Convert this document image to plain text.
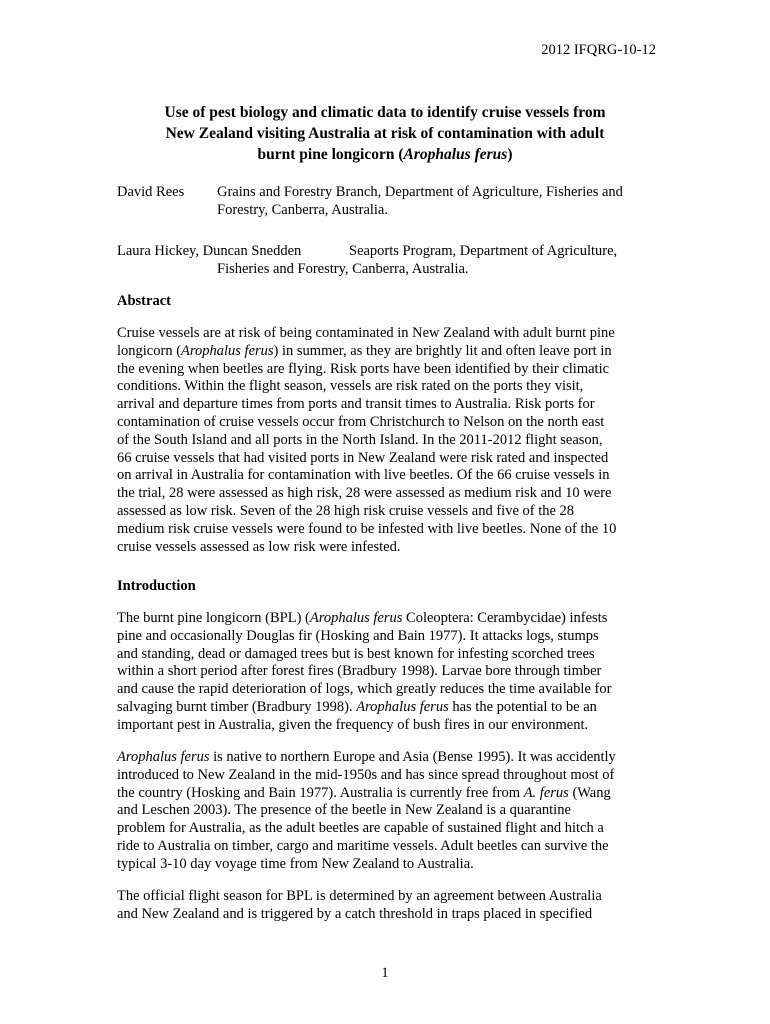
2012 IFQRG-10-12
Use of pest biology and climatic data to identify cruise vessels from
New Zealand visiting Australia at risk of contamination with adult
burnt pine longicorn (Arophalus ferus)
David Rees Grains and Forestry Branch, Department of Agriculture, Fisheries and
Forestry, Canberra, Australia.
Laura Hickey, Duncan Snedden	Seaports Program, Department of Agriculture,
Fisheries and Forestry, Canberra, Australia.
Abstract

Cruise vessels are at risk of being contaminated in New Zealand with adult burnt pine
longicorn (Arophalus ferus) in summer, as they are brightly lit and often leave port in
the evening when beetles are flying. Risk ports have been identified by their climatic
conditions. Within the flight season, vessels are risk rated on the ports they visit,
arrival and departure times from ports and transit times to Australia. Risk ports for
contamination of cruise vessels occur from Christchurch to Nelson on the north east
of the South Island and all ports in the North Island. In the 2011-2012 flight season,
66 cruise vessels that had visited ports in New Zealand were risk rated and inspected
on arrival in Australia for contamination with live beetles. Of the 66 cruise vessels in
the trial, 28 were assessed as high risk, 28 were assessed as medium risk and 10 were
assessed as low risk. Seven of the 28 high risk cruise vessels and five of the 28
medium risk cruise vessels were found to be infested with live beetles. None of the 10
cruise vessels assessed as low risk were infested.

Introduction

The burnt pine longicorn (BPL) (Arophalus ferus Coleoptera: Cerambycidae) infests
pine and occasionally Douglas fir (Hosking and Bain 1977). It attacks logs, stumps
and standing, dead or damaged trees but is best known for infesting scorched trees
within a short period after forest fires (Bradbury 1998). Larvae bore through timber
and cause the rapid deterioration of logs, which greatly reduces the time available for
salvaging burnt timber (Bradbury 1998). Arophalus ferus has the potential to be an
important pest in Australia, given the frequency of bush fires in our environment.

Arophalus ferus is native to northern Europe and Asia (Bense 1995). It was accidently
introduced to New Zealand in the mid-1950s and has since spread throughout most of
the country (Hosking and Bain 1977). Australia is currently free from A. ferus (Wang
and Leschen 2003). The presence of the beetle in New Zealand is a quarantine
problem for Australia, as the adult beetles are capable of sustained flight and hitch a
ride to Australia on timber, cargo and maritime vessels. Adult beetles can survive the
typical 3-10 day voyage time from New Zealand to Australia.

The official flight season for BPL is determined by an agreement between Australia
and New Zealand and is triggered by a catch threshold in traps placed in specified

1
